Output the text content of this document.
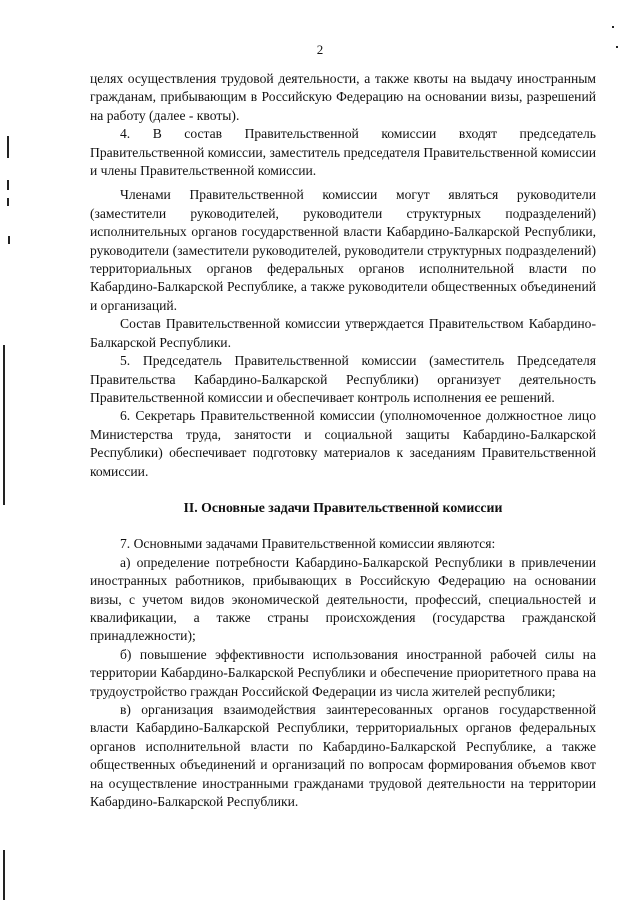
2

целях осуществления трудовой деятельности, а также квоты на выдачу иностранным гражданам, прибывающим в Российскую Федерацию на основании визы, разрешений на работу (далее - квоты).

4. В состав Правительственной комиссии входят председатель Правительственной комиссии, заместитель председателя Правительственной комиссии и члены Правительственной комиссии.

Членами Правительственной комиссии могут являться руководители (заместители руководителей, руководители структурных подразделений) исполнительных органов государственной власти Кабардино-Балкарской Республики, руководители (заместители руководителей, руководители структурных подразделений) территориальных органов федеральных органов исполнительной власти по Кабардино-Балкарской Республике, а также руководители общественных объединений и организаций.

Состав Правительственной комиссии утверждается Правительством Кабардино-Балкарской Республики.

5. Председатель Правительственной комиссии (заместитель Председателя Правительства Кабардино-Балкарской Республики) организует деятельность Правительственной комиссии и обеспечивает контроль исполнения ее решений.

6. Секретарь Правительственной комиссии (уполномоченное должностное лицо Министерства труда, занятости и социальной защиты Кабардино-Балкарской Республики) обеспечивает подготовку материалов к заседаниям Правительственной комиссии.

II. Основные задачи Правительственной комиссии

7. Основными задачами Правительственной комиссии являются:

а) определение потребности Кабардино-Балкарской Республики в привлечении иностранных работников, прибывающих в Российскую Федерацию на основании визы, с учетом видов экономической деятельности, профессий, специальностей и квалификации, а также страны происхождения (государства гражданской принадлежности);

б) повышение эффективности использования иностранной рабочей силы на территории Кабардино-Балкарской Республики и обеспечение приоритетного права на трудоустройство граждан Российской Федерации из числа жителей республики;

в) организация взаимодействия заинтересованных органов государственной власти Кабардино-Балкарской Республики, территориальных органов федеральных органов исполнительной власти по Кабардино-Балкарской Республике, а также общественных объединений и организаций по вопросам формирования объемов квот на осуществление иностранными гражданами трудовой деятельности на территории Кабардино-Балкарской Республики.
